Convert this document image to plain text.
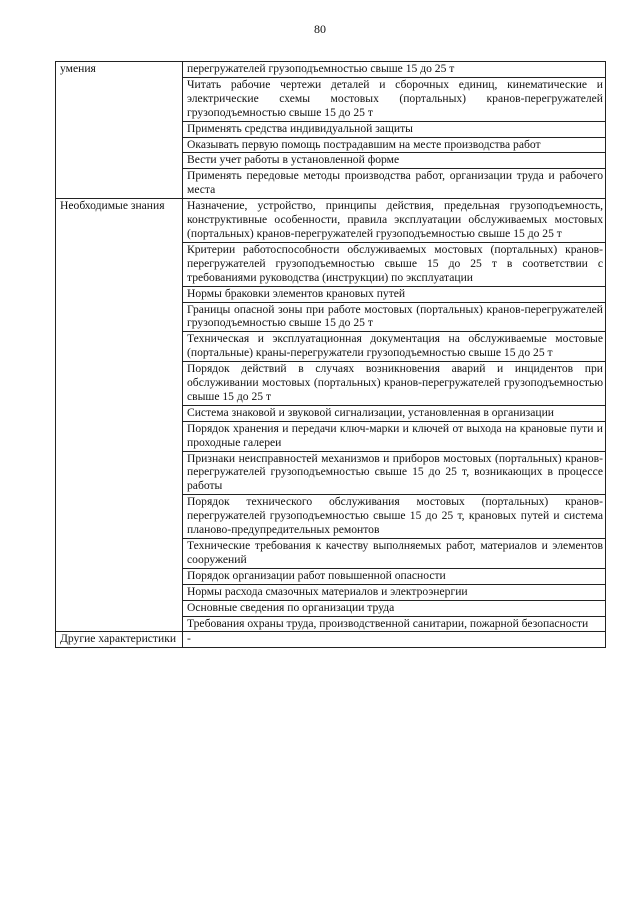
80
умения	перегружателей грузоподъемностью свыше 15 до 25 т
	Читать рабочие чертежи деталей и сборочных единиц, кинематические и электрические схемы мостовых (портальных) кранов-перегружателей грузоподъемностью свыше 15 до 25 т
	Применять средства индивидуальной защиты
	Оказывать первую помощь пострадавшим на месте производства работ
	Вести учет работы в установленной форме
	Применять передовые методы производства работ, организации труда и рабочего места
Необходимые знания	Назначение, устройство, принципы действия, предельная грузоподъемность, конструктивные особенности, правила эксплуатации обслуживаемых мостовых (портальных) кранов-перегружателей грузоподъемностью свыше 15 до 25 т
	Критерии работоспособности обслуживаемых мостовых (портальных) кранов-перегружателей грузоподъемностью свыше 15 до 25 т в соответствии с требованиями руководства (инструкции) по эксплуатации
	Нормы браковки элементов крановых путей
	Границы опасной зоны при работе мостовых (портальных) кранов-перегружателей грузоподъемностью свыше 15 до 25 т
	Техническая и эксплуатационная документация на обслуживаемые мостовые (портальные) краны-перегружатели грузоподъемностью свыше 15 до 25 т
	Порядок действий в случаях возникновения аварий и инцидентов при обслуживании мостовых (портальных) кранов-перегружателей грузоподъемностью свыше 15 до 25 т
	Система знаковой и звуковой сигнализации, установленная в организации
	Порядок хранения и передачи ключ-марки и ключей от выхода на крановые пути и проходные галереи
	Признаки неисправностей механизмов и приборов мостовых (портальных) кранов-перегружателей грузоподъемностью свыше 15 до 25 т, возникающих в процессе работы
	Порядок технического обслуживания мостовых (портальных) кранов-перегружателей грузоподъемностью свыше 15 до 25 т, крановых путей и система планово-предупредительных ремонтов
	Технические требования к качеству выполняемых работ, материалов и элементов сооружений
	Порядок организации работ повышенной опасности
	Нормы расхода смазочных материалов и электроэнергии
	Основные сведения по организации труда
	Требования охраны труда, производственной санитарии, пожарной безопасности
Другие характеристики	-
